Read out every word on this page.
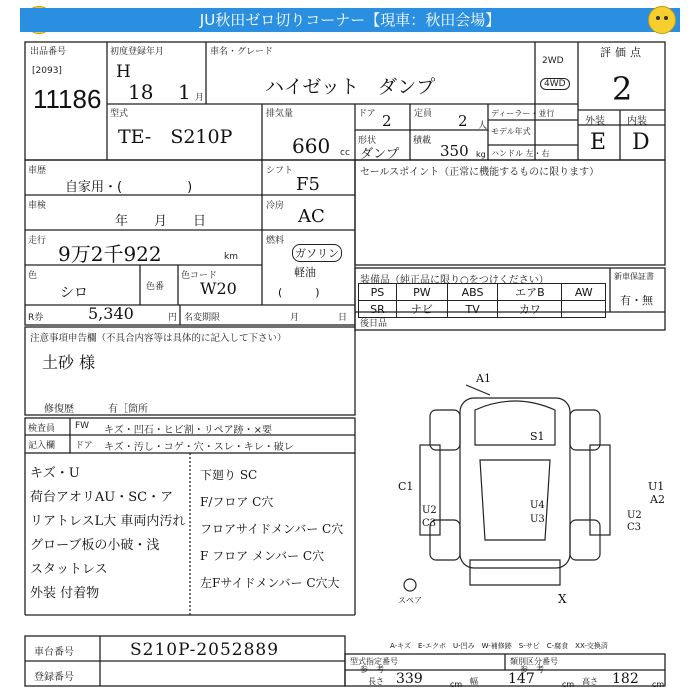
JU秋田ゼロ切りコーナー【現車：秋田会場】
出品番号
[2093]
11186
初度登録年月
H
18 1 月
車名・グレード
ハイゼット　ダンプ
2WD
4WD
評価点
2
外装 内装
E D
型式
TE-　S210P
排気量
660 cc
ドア 2 定員 2 人
ディーラー・並行
モデル年式
ハンドル 左・右
形状
ダンプ
積載
350 kg
車歴
自家用・(　　　　　)
シフト
F5
車検
年　　月　　日
冷房 AC
走行
9万2千922	km
燃料
ガソリン
軽油
(　　　)
色
シロ	色番
色コード
W20
R券	5,340	円 名変期限	月	日
セールスポイント（正常に機能するものに限ります）
装備品（純正品に限り○をつけください）	新車保証書
有・無
PS	PW	ABS	エアB	AW
SR	ナビ	TV	カワ	
後日品
注意事項申告欄（不具合内容等は具体的に記入して下さい）
土砂 様
修復歴	有［箇所
検査員
記入欄
FW キズ・凹石・ヒビ割・リペア跡・×要
ドア キズ・汚し・コゲ・穴・スレ・キレ・破レ
キズ・U
荷台アオリAU・SC・ア
リアトレスL大 車両内汚れ
グローブ板の小破・浅
スタットレス
外装 付着物
下廻り SC
F/フロア C穴
フロアサイドメンバー C穴
F フロア メンバー C穴
左Fサイドメンバー C穴大
A1
S1
C1
U2
C3
U4
U3
U1
A2
U2
C3
X
スペア
車台番号	S210P-2052889
登録番号
A-キズ　E-エクボ　U-凹み　W-補修跡　S-サビ　C-腐食　XX-交換済
型式指定番号
参　考
類別区分番号
参　考
長さ 339	cm 幅 147	cm 高さ 182 cm
